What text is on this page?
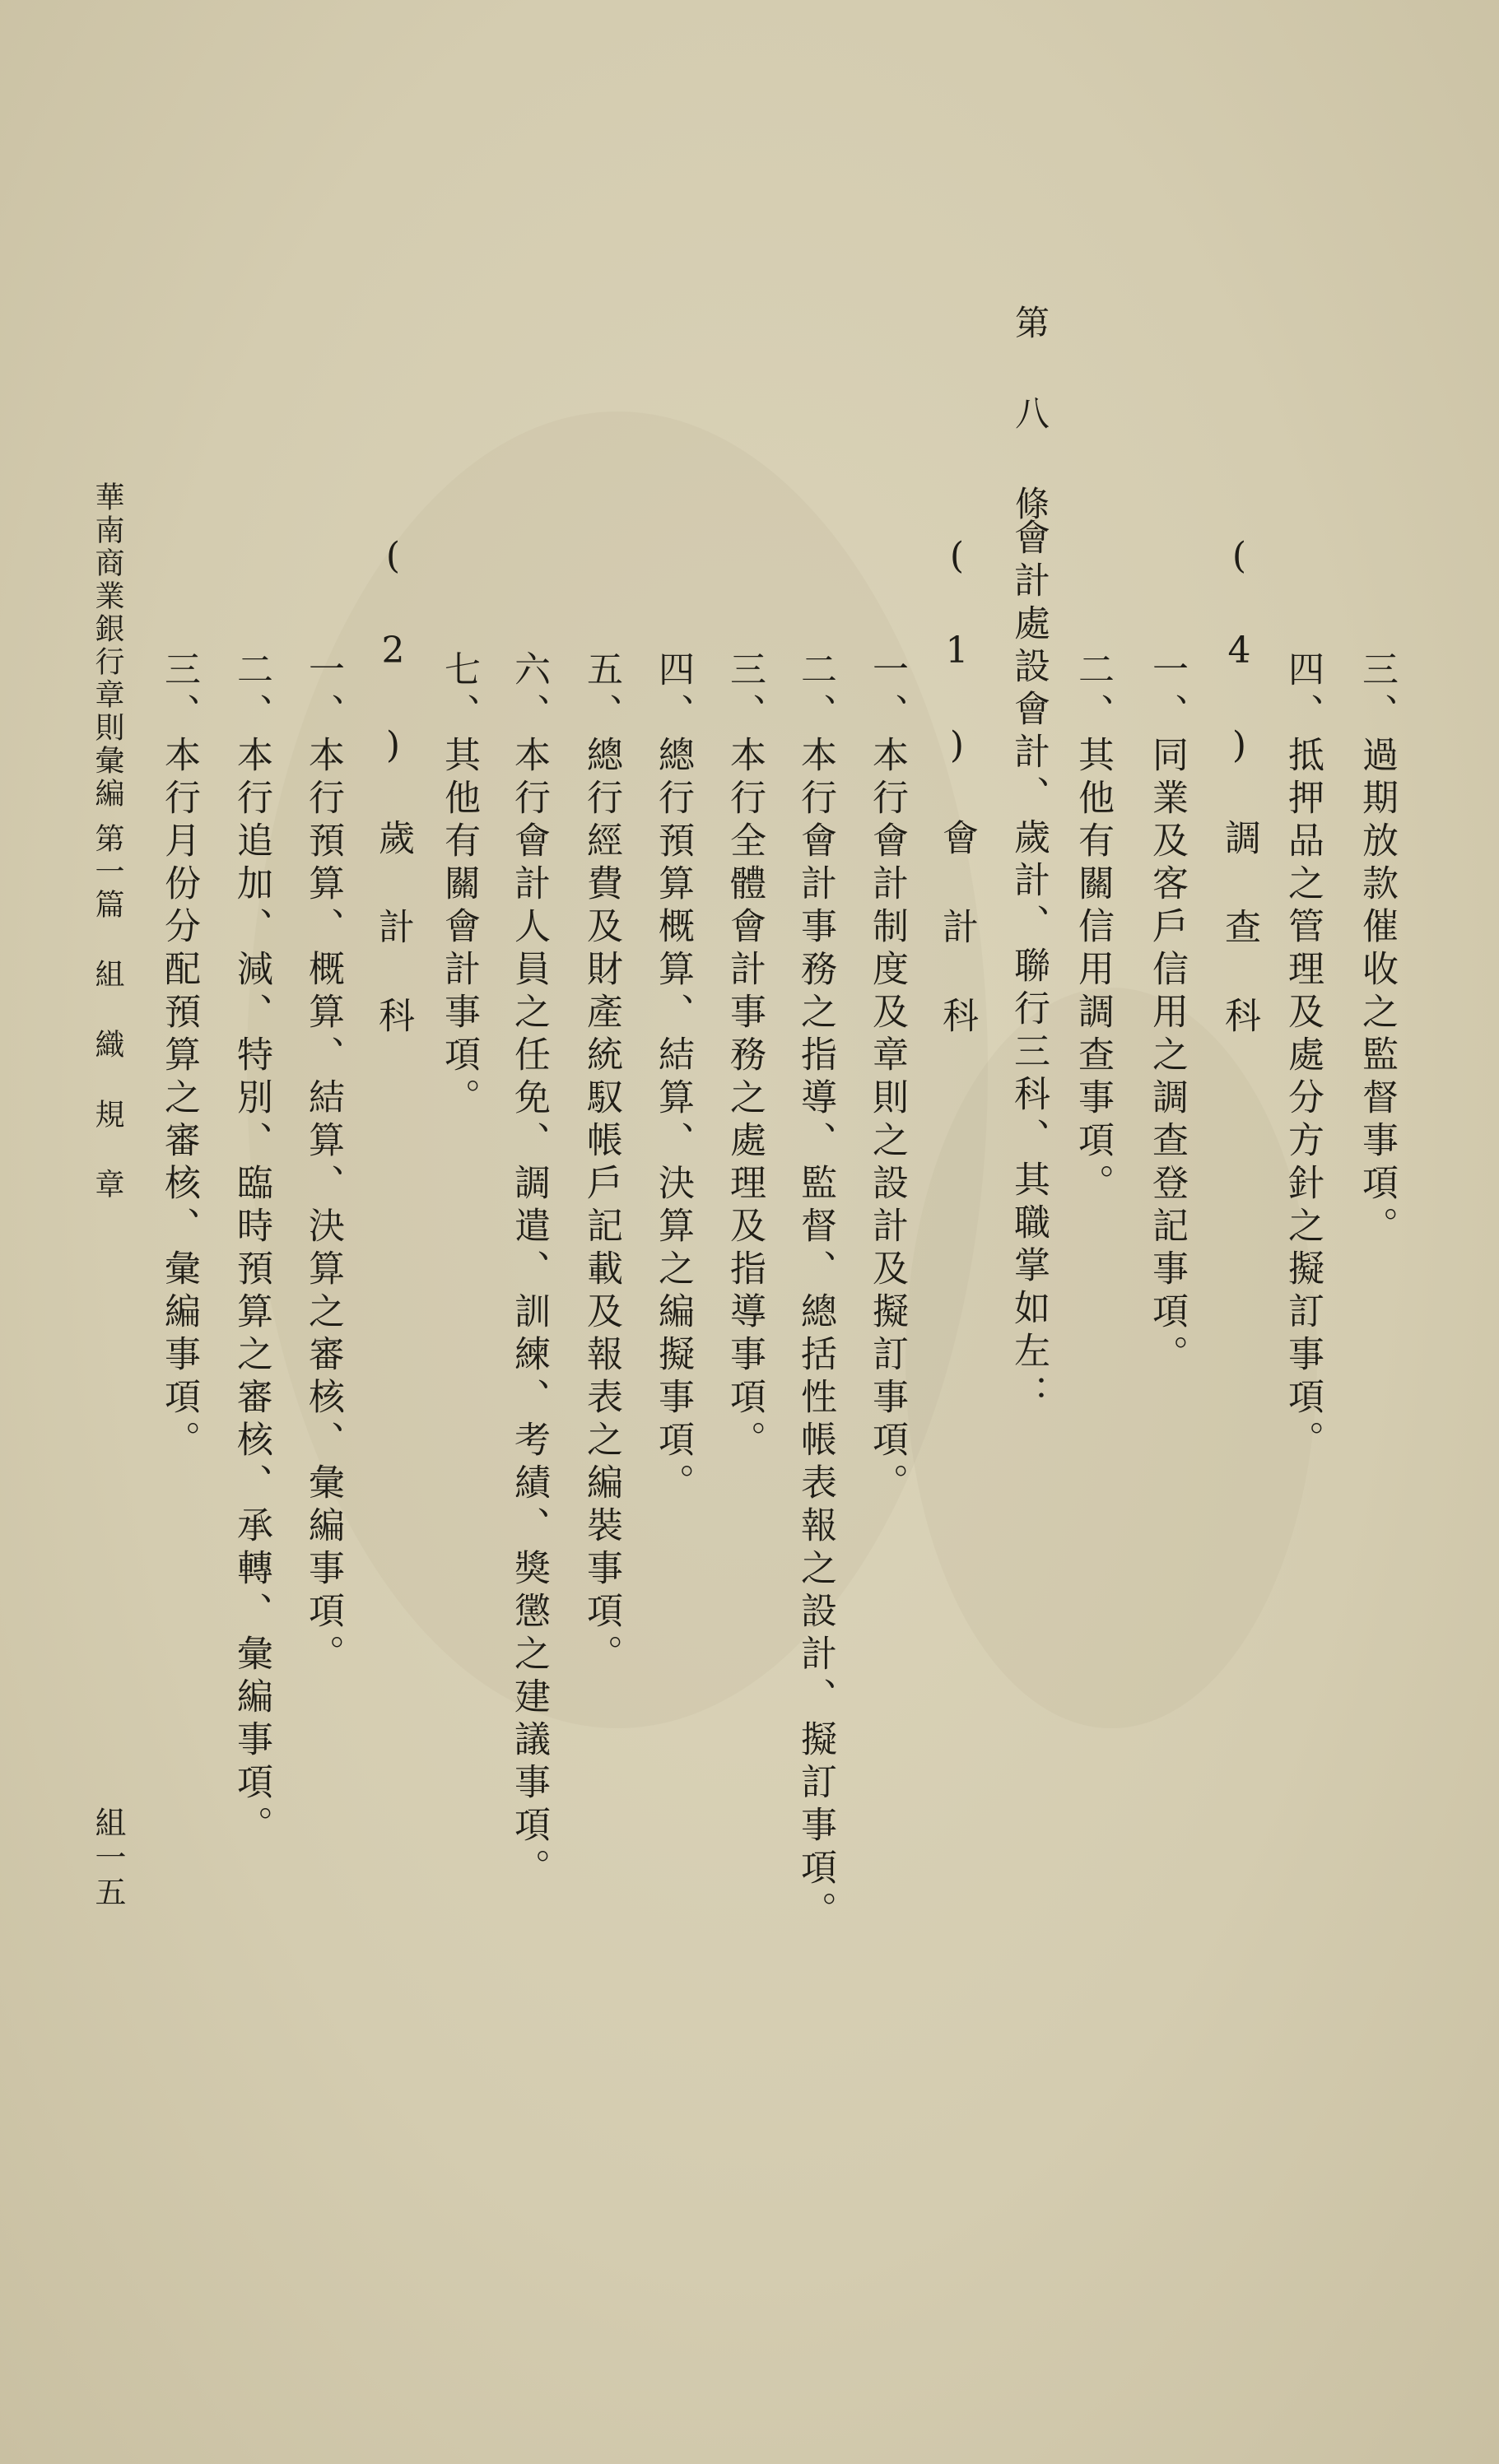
三、過期放款催收之監督事項。
四、抵押品之管理及處分方針之擬訂事項。
(4)調查科
一、同業及客戶信用之調查登記事項。
二、其他有關信用調查事項。
第八條
會計處設會計、歲計、聯行三科、其職掌如左：
(1)會計科
一、本行會計制度及章則之設計及擬訂事項。
二、本行會計事務之指導、監督、總括性帳表報之設計、擬訂事項。
三、本行全體會計事務之處理及指導事項。
四、總行預算概算、結算、決算之編擬事項。
五、總行經費及財產統馭帳戶記載及報表之編裝事項。
六、本行會計人員之任免、調遣、訓練、考績、獎懲之建議事項。
七、其他有關會計事項。
(2)歲計科
一、本行預算、概算、結算、決算之審核、彙編事項。
二、本行追加、減、特別、臨時預算之審核、承轉、彙編事項。
三、本行月份分配預算之審核、彙編事項。
華南商業銀行章則彙編
第一篇 組 織 規 章
組一五
